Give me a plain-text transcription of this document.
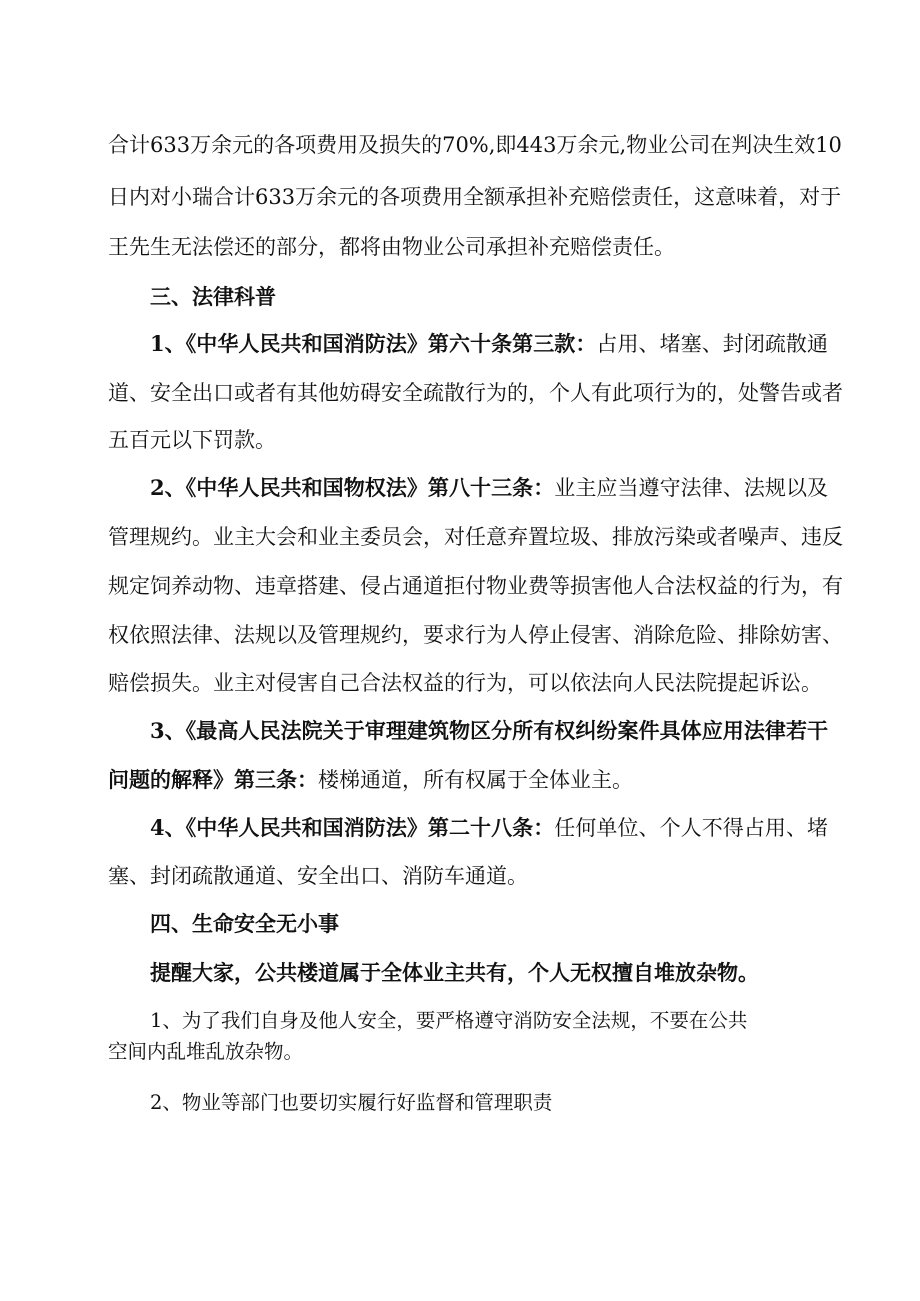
合计633万余元的各项费用及损失的70%,即443万余元,物业公司在判决生效10
日内对小瑞合计633万余元的各项费用全额承担补充赔偿责任，这意味着，对于
王先生无法偿还的部分，都将由物业公司承担补充赔偿责任。
三、法律科普
1、《中华人民共和国消防法》第六十条第三款：占用、堵塞、封闭疏散通
道、安全出口或者有其他妨碍安全疏散行为的，个人有此项行为的，处警告或者
五百元以下罚款。
2、《中华人民共和国物权法》第八十三条：业主应当遵守法律、法规以及
管理规约。业主大会和业主委员会，对任意弃置垃圾、排放污染或者噪声、违反
规定饲养动物、违章搭建、侵占通道拒付物业费等损害他人合法权益的行为，有
权依照法律、法规以及管理规约，要求行为人停止侵害、消除危险、排除妨害、
赔偿损失。业主对侵害自己合法权益的行为，可以依法向人民法院提起诉讼。
3、《最高人民法院关于审理建筑物区分所有权纠纷案件具体应用法律若干
问题的解释》第三条：楼梯通道，所有权属于全体业主。
4、《中华人民共和国消防法》第二十八条：任何单位、个人不得占用、堵
塞、封闭疏散通道、安全出口、消防车通道。
四、生命安全无小事
提醒大家，公共楼道属于全体业主共有，个人无权擅自堆放杂物。
1、为了我们自身及他人安全，要严格遵守消防安全法规，不要在公共
空间内乱堆乱放杂物。
2、物业等部门也要切实履行好监督和管理职责
